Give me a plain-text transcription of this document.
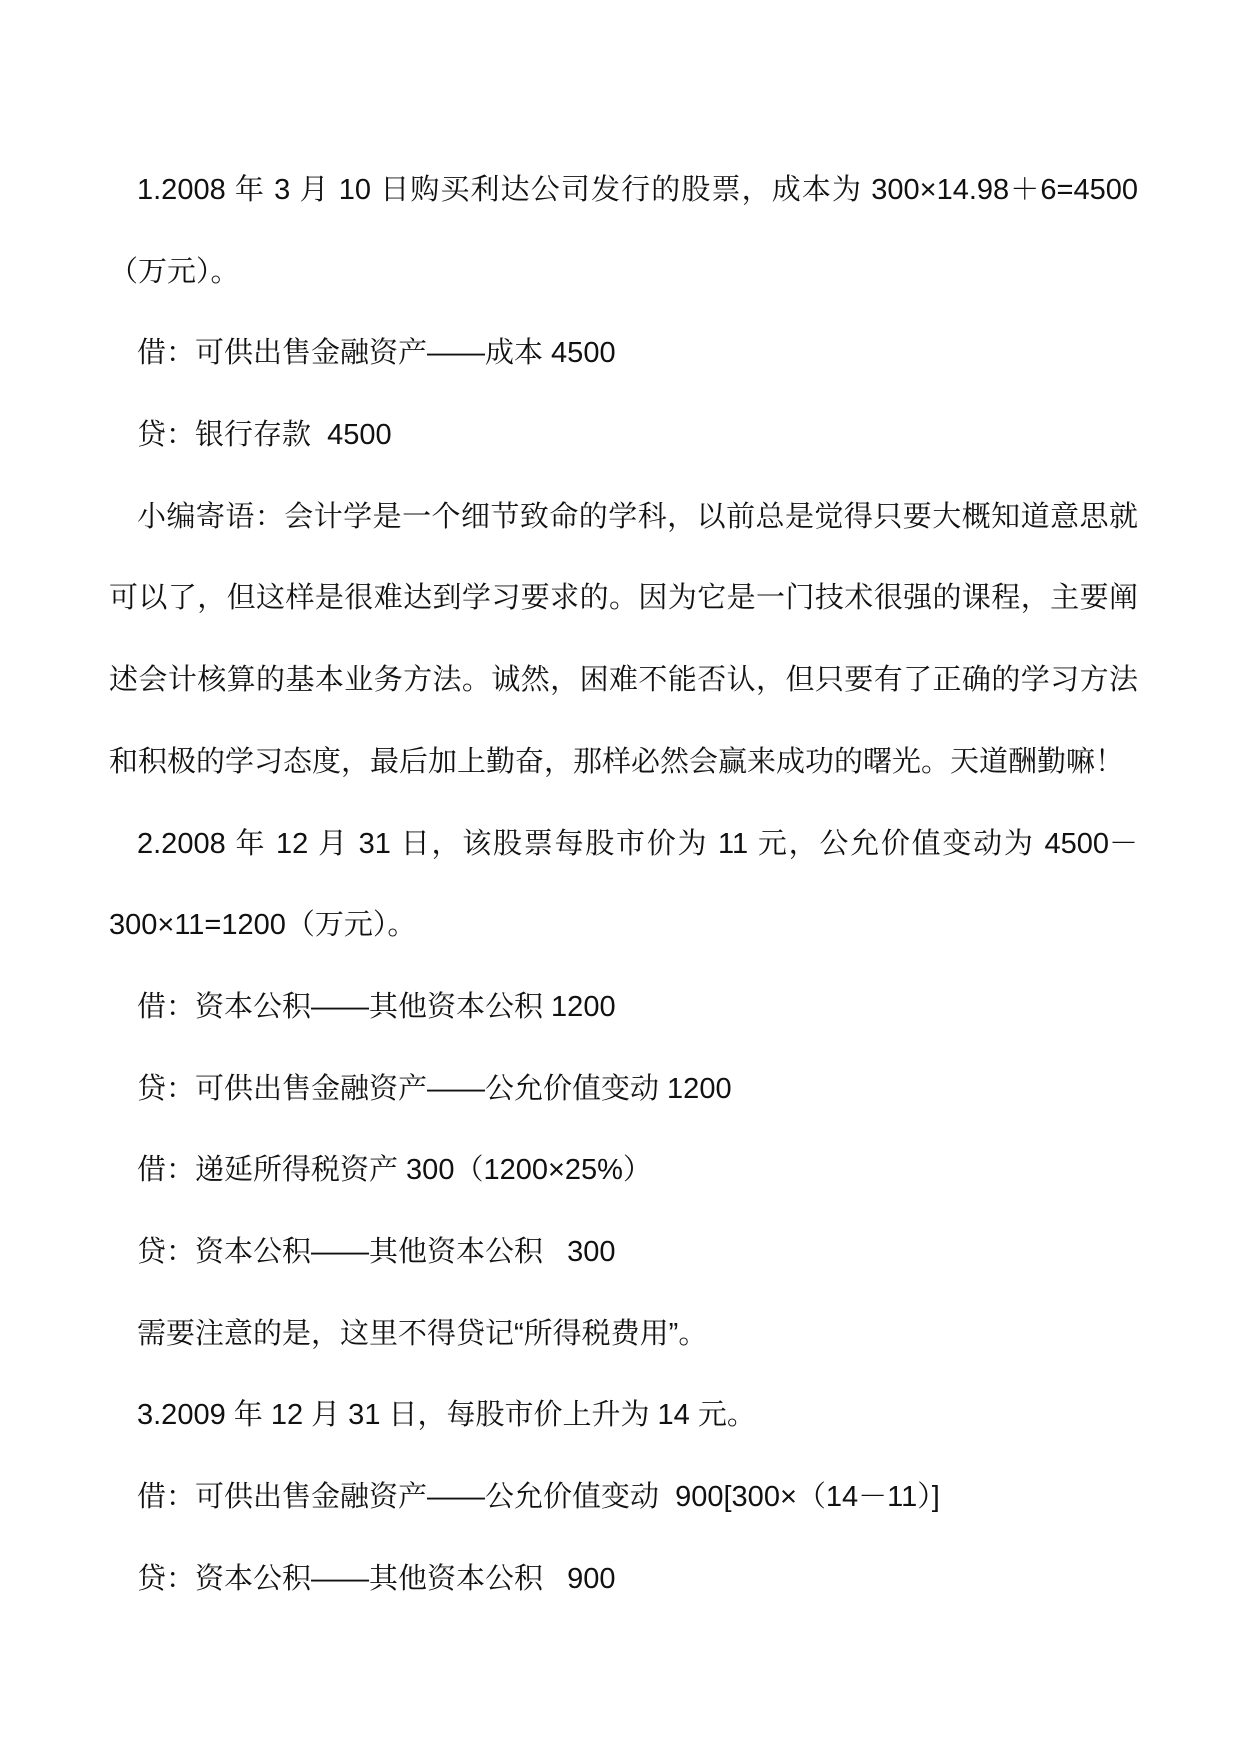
1.2008 年 3 月 10 日购买利达公司发行的股票，成本为 300×14.98＋6=4500
（万元）。
借：可供出售金融资产——成本 4500
贷：银行存款  4500
小编寄语：会计学是一个细节致命的学科，以前总是觉得只要大概知道意思就
可以了，但这样是很难达到学习要求的。因为它是一门技术很强的课程，主要阐
述会计核算的基本业务方法。诚然，困难不能否认，但只要有了正确的学习方法
和积极的学习态度，最后加上勤奋，那样必然会赢来成功的曙光。天道酬勤嘛！
2.2008 年 12 月 31 日，该股票每股市价为 11 元，公允价值变动为 4500－
300×11=1200（万元）。
借：资本公积——其他资本公积 1200
贷：可供出售金融资产——公允价值变动 1200
借：递延所得税资产 300（1200×25%）
贷：资本公积——其他资本公积   300
需要注意的是，这里不得贷记“所得税费用”。
3.2009 年 12 月 31 日，每股市价上升为 14 元。
借：可供出售金融资产——公允价值变动  900[300×（14－11）]
贷：资本公积——其他资本公积   900
